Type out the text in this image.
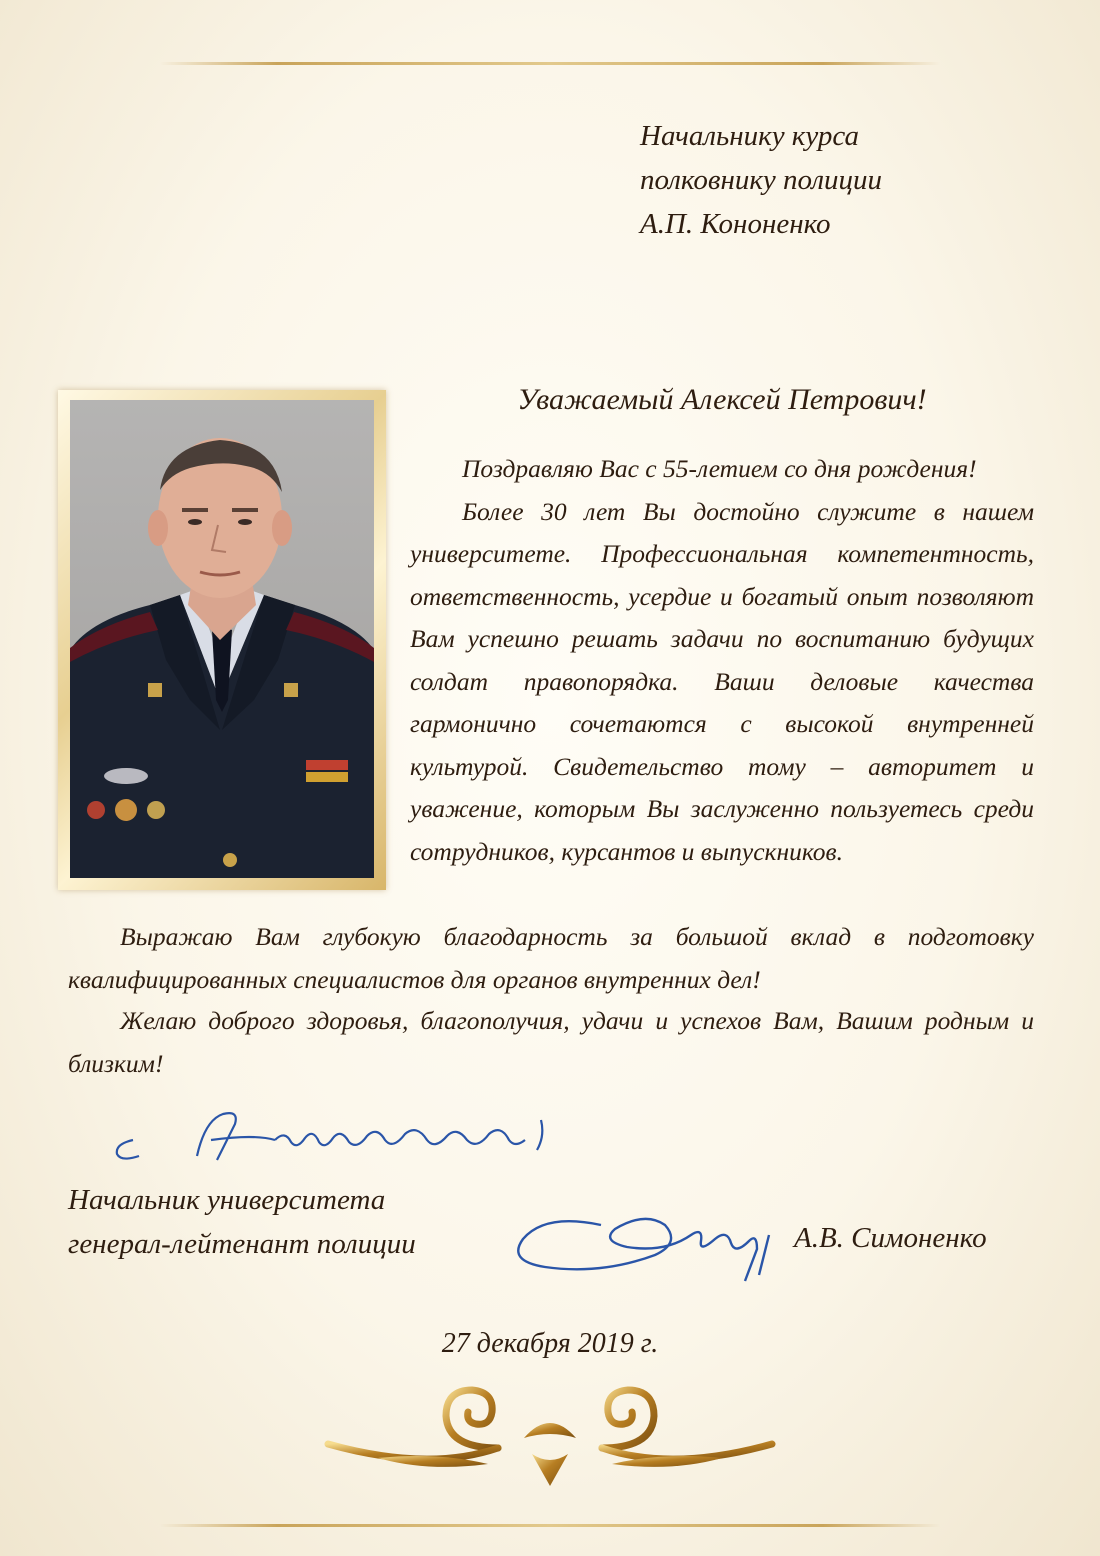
Начальнику курса
полковнику полиции
А.П. Кононенко
Уважаемый Алексей Петрович!
Поздравляю Вас с 55-летием со дня рождения!
Более 30 лет Вы достойно служите в нашем университете. Профессиональная компетентность, ответственность, усердие и богатый опыт позволяют Вам успешно решать задачи по воспитанию будущих солдат правопорядка. Ваши деловые качества гармонично сочетаются с высокой внутренней культурой. Свидетельство тому – авторитет и уважение, которым Вы заслуженно пользуетесь среди сотрудников, курсантов и выпускников.
Выражаю Вам глубокую благодарность за большой вклад в подготовку квалифицированных специалистов для органов внутренних дел!
Желаю доброго здоровья, благополучия, удачи и успехов Вам, Вашим родным и близким!
Начальник университета
генерал-лейтенант полиции	А.В. Симоненко
27 декабря 2019 г.
